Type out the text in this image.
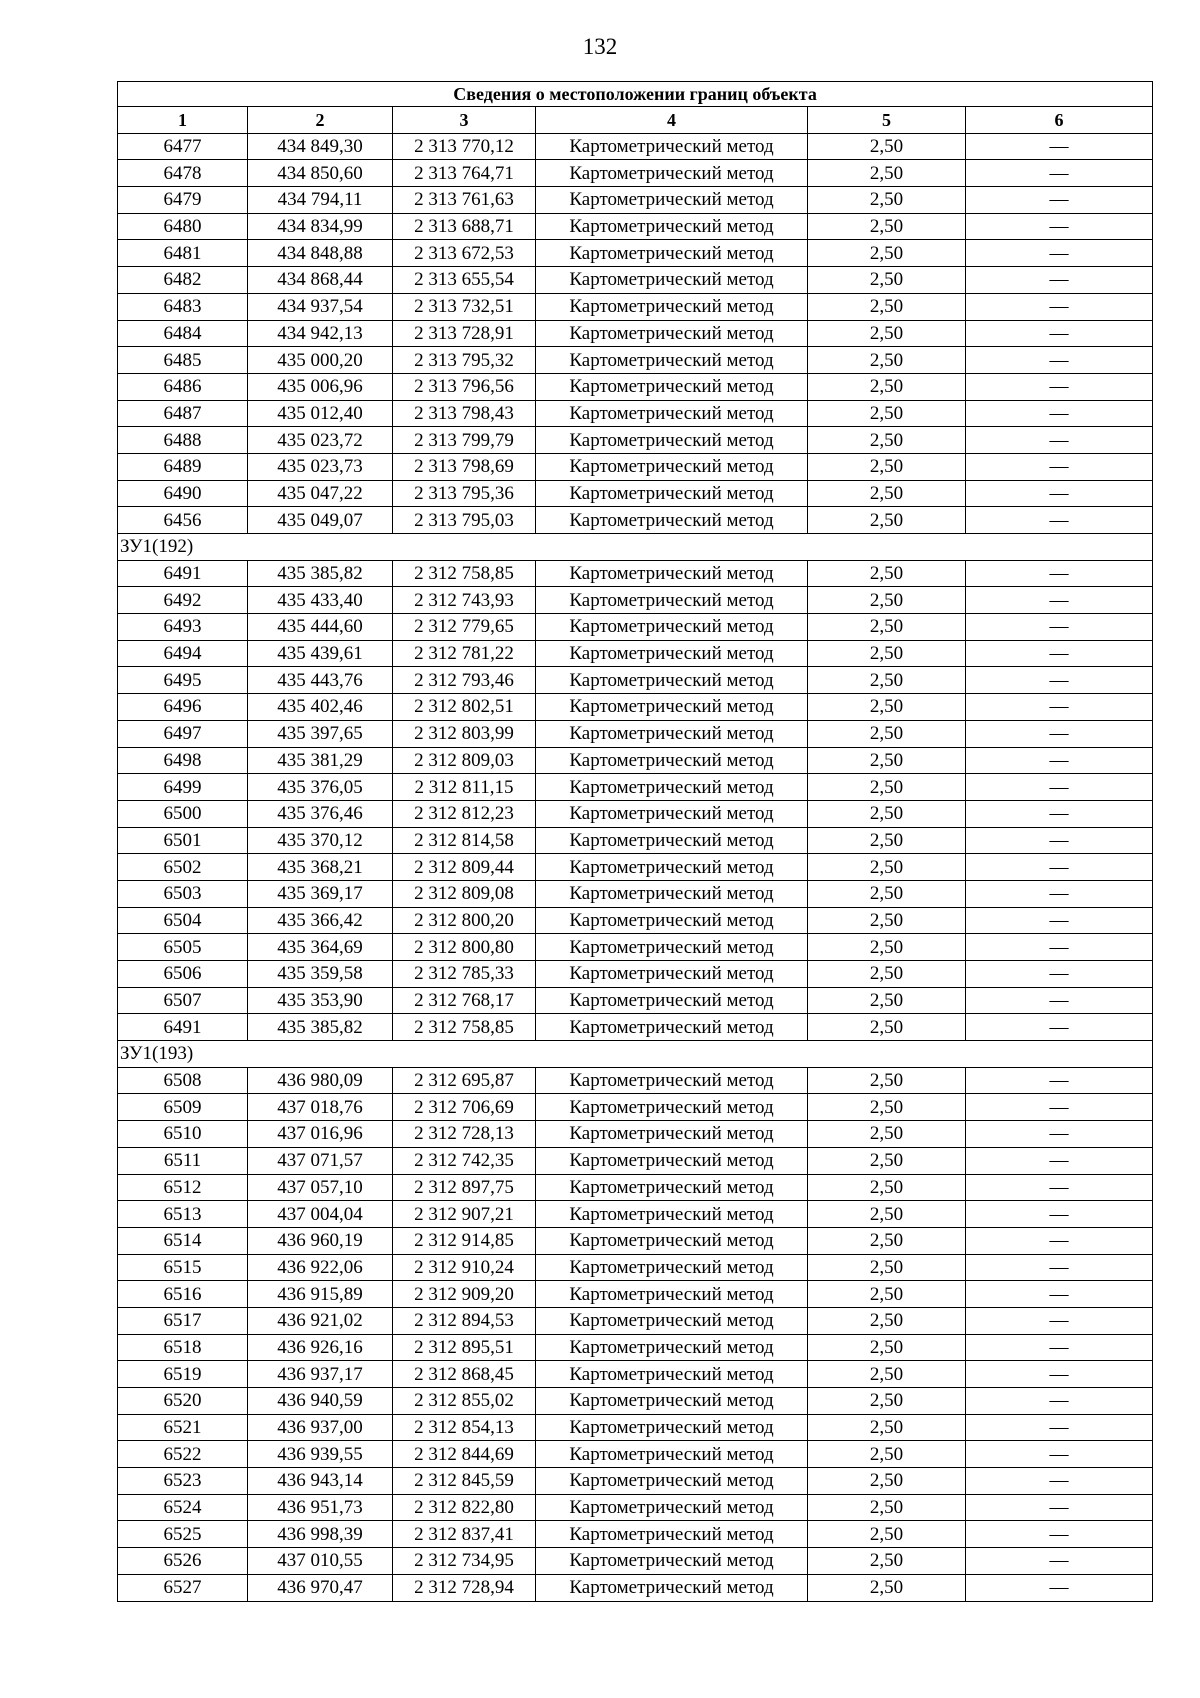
132
Сведения о местоположении границ объекта					
1	2	3	4	5	6
6477	434 849,30	2 313 770,12	Картометрический метод	2,50	—
6478	434 850,60	2 313 764,71	Картометрический метод	2,50	—
6479	434 794,11	2 313 761,63	Картометрический метод	2,50	—
6480	434 834,99	2 313 688,71	Картометрический метод	2,50	—
6481	434 848,88	2 313 672,53	Картометрический метод	2,50	—
6482	434 868,44	2 313 655,54	Картометрический метод	2,50	—
6483	434 937,54	2 313 732,51	Картометрический метод	2,50	—
6484	434 942,13	2 313 728,91	Картометрический метод	2,50	—
6485	435 000,20	2 313 795,32	Картометрический метод	2,50	—
6486	435 006,96	2 313 796,56	Картометрический метод	2,50	—
6487	435 012,40	2 313 798,43	Картометрический метод	2,50	—
6488	435 023,72	2 313 799,79	Картометрический метод	2,50	—
6489	435 023,73	2 313 798,69	Картометрический метод	2,50	—
6490	435 047,22	2 313 795,36	Картометрический метод	2,50	—
6456	435 049,07	2 313 795,03	Картометрический метод	2,50	—
ЗУ1(192)					
6491	435 385,82	2 312 758,85	Картометрический метод	2,50	—
6492	435 433,40	2 312 743,93	Картометрический метод	2,50	—
6493	435 444,60	2 312 779,65	Картометрический метод	2,50	—
6494	435 439,61	2 312 781,22	Картометрический метод	2,50	—
6495	435 443,76	2 312 793,46	Картометрический метод	2,50	—
6496	435 402,46	2 312 802,51	Картометрический метод	2,50	—
6497	435 397,65	2 312 803,99	Картометрический метод	2,50	—
6498	435 381,29	2 312 809,03	Картометрический метод	2,50	—
6499	435 376,05	2 312 811,15	Картометрический метод	2,50	—
6500	435 376,46	2 312 812,23	Картометрический метод	2,50	—
6501	435 370,12	2 312 814,58	Картометрический метод	2,50	—
6502	435 368,21	2 312 809,44	Картометрический метод	2,50	—
6503	435 369,17	2 312 809,08	Картометрический метод	2,50	—
6504	435 366,42	2 312 800,20	Картометрический метод	2,50	—
6505	435 364,69	2 312 800,80	Картометрический метод	2,50	—
6506	435 359,58	2 312 785,33	Картометрический метод	2,50	—
6507	435 353,90	2 312 768,17	Картометрический метод	2,50	—
6491	435 385,82	2 312 758,85	Картометрический метод	2,50	—
ЗУ1(193)					
6508	436 980,09	2 312 695,87	Картометрический метод	2,50	—
6509	437 018,76	2 312 706,69	Картометрический метод	2,50	—
6510	437 016,96	2 312 728,13	Картометрический метод	2,50	—
6511	437 071,57	2 312 742,35	Картометрический метод	2,50	—
6512	437 057,10	2 312 897,75	Картометрический метод	2,50	—
6513	437 004,04	2 312 907,21	Картометрический метод	2,50	—
6514	436 960,19	2 312 914,85	Картометрический метод	2,50	—
6515	436 922,06	2 312 910,24	Картометрический метод	2,50	—
6516	436 915,89	2 312 909,20	Картометрический метод	2,50	—
6517	436 921,02	2 312 894,53	Картометрический метод	2,50	—
6518	436 926,16	2 312 895,51	Картометрический метод	2,50	—
6519	436 937,17	2 312 868,45	Картометрический метод	2,50	—
6520	436 940,59	2 312 855,02	Картометрический метод	2,50	—
6521	436 937,00	2 312 854,13	Картометрический метод	2,50	—
6522	436 939,55	2 312 844,69	Картометрический метод	2,50	—
6523	436 943,14	2 312 845,59	Картометрический метод	2,50	—
6524	436 951,73	2 312 822,80	Картометрический метод	2,50	—
6525	436 998,39	2 312 837,41	Картометрический метод	2,50	—
6526	437 010,55	2 312 734,95	Картометрический метод	2,50	—
6527	436 970,47	2 312 728,94	Картометрический метод	2,50	—
